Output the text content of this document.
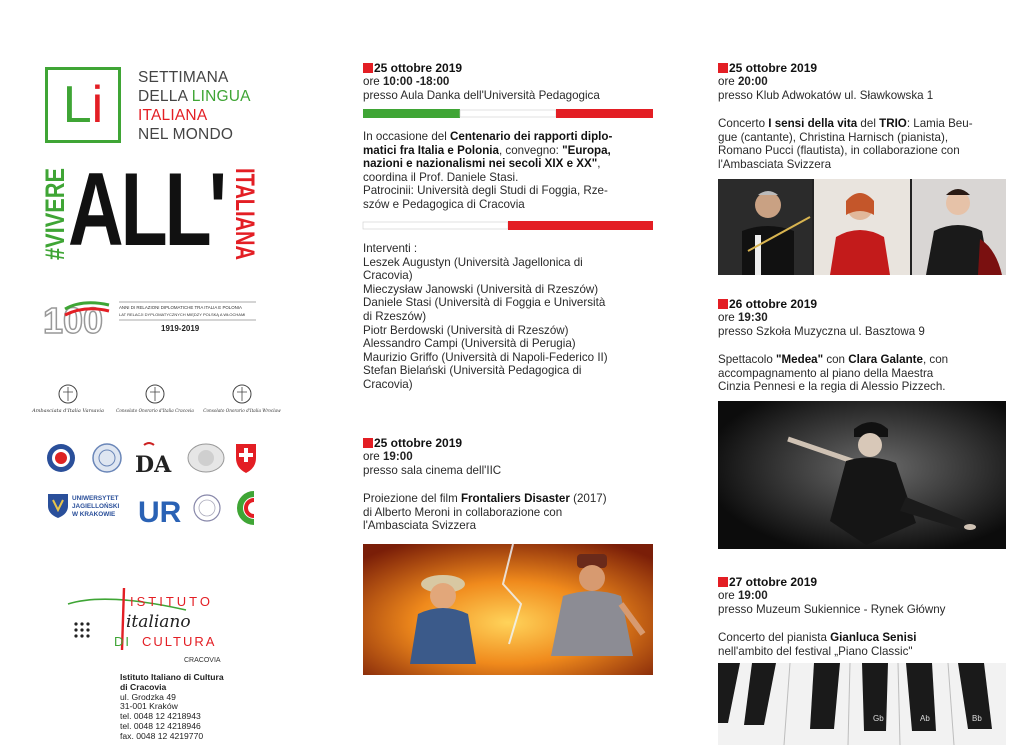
L i SETTIMANA
DELLA LINGUA
ITALIANA
NEL MONDO
#VIVERE
ALL' ITALIANA
100	ANNI DI RELAZIONI DIPLOMATICHE TRA ITALIA E POLONIA
LAT RELACJI DYPLOMATYCZNYCH MIĘDZY POLSKĄ A WŁOCHAMI
1919-2019
Ambasciata d'Italia Varsavia	Consolato Onorario d'Italia Cracovia Consolato Onorario d'Italia Wroclaw
DA
UNIWERSYTET
JAGIELLOŃSKI
W KRAKOWIE UR
ISTITUTO
italiano
DI CULTURA
CRACOVIA
Istituto Italiano di Cultura
di Cracovia
ul. Grodzka 49
31-001 Kraków
tel. 0048 12 4218943
tel. 0048 12 4218946
fax. 0048 12 4219770
25 ottobre 2019
ore 10:00 -18:00
presso Aula Danka dell'Università Pedagogica
In occasione del Centenario dei rapporti diplo-
matici fra Italia e Polonia, convegno: "Europa,
nazioni e nazionalismi nei secoli XIX e XX",
coordina il Prof. Daniele Stasi.
Patrocinii: Università degli Studi di Foggia, Rze-
szów e Pedagogica di Cracovia
Interventi :
Leszek Augustyn (Università Jagellonica di
Cracovia)
Mieczysław Janowski (Università di Rzeszów)
Daniele Stasi (Università di Foggia e Università
di Rzeszów)
Piotr Berdowski (Università di Rzeszów)
Alessandro Campi (Università di Perugia)
Maurizio Griffo (Università di Napoli-Federico II)
Stefan Bielański (Università Pedagogica di
Cracovia)
25 ottobre 2019
ore 19:00
presso sala cinema dell'IIC
Proiezione del film Frontaliers Disaster (2017)
di Alberto Meroni in collaborazione con
l'Ambasciata Svizzera
25 ottobre 2019
ore 20:00
presso Klub Adwokatów ul. Sławkowska 1
Concerto I sensi della vita del TRIO: Lamia Beu-
gue (cantante), Christina Harnisch (pianista),
Romano Pucci (flautista), in collaborazione con
l'Ambasciata Svizzera
26 ottobre 2019
ore 19:30
presso Szkoła Muzyczna ul. Basztowa 9
Spettacolo "Medea" con Clara Galante, con
accompagnamento al piano della Maestra
Cinzia Pennesi e la regia di Alessio Pizzech.
27 ottobre 2019
ore 19:00
presso Muzeum Sukiennice - Rynek Główny
Concerto del pianista Gianluca Senisi
nell'ambito del festival „Piano Classic"
Gb	Ab	Bb
